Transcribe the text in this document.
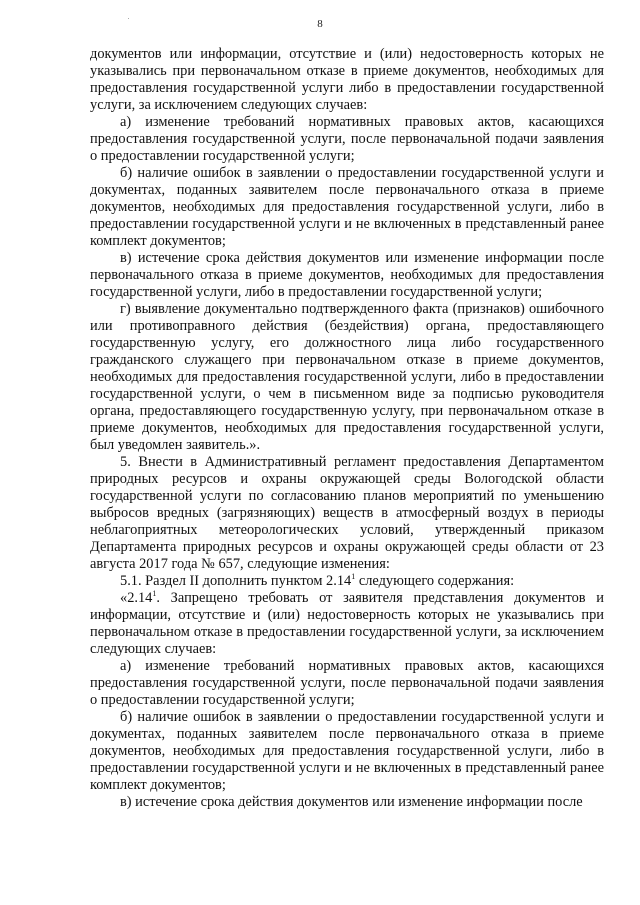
8

документов или информации, отсутствие и (или) недостоверность которых не указывались при первоначальном отказе в приеме документов, необходимых для предоставления государственной услуги либо в предоставлении государственной услуги, за исключением следующих случаев:

а) изменение требований нормативных правовых актов, касающихся предоставления государственной услуги, после первоначальной подачи заявления о предоставлении государственной услуги;

б) наличие ошибок в заявлении о предоставлении государственной услуги и документах, поданных заявителем после первоначального отказа в приеме документов, необходимых для предоставления государственной услуги, либо в предоставлении государственной услуги и не включенных в представленный ранее комплект документов;

в) истечение срока действия документов или изменение информации после первоначального отказа в приеме документов, необходимых для предоставления государственной услуги, либо в предоставлении государственной услуги;

г) выявление документально подтвержденного факта (признаков) ошибочного или противоправного действия (бездействия) органа, предоставляющего государственную услугу, его должностного лица либо государственного гражданского служащего при первоначальном отказе в приеме документов, необходимых для предоставления государственной услуги, либо в предоставлении государственной услуги, о чем в письменном виде за подписью руководителя органа, предоставляющего государственную услугу, при первоначальном отказе в приеме документов, необходимых для предоставления государственной услуги, был уведомлен заявитель.».

5. Внести в Административный регламент предоставления Департаментом природных ресурсов и охраны окружающей среды Вологодской области государственной услуги по согласованию планов мероприятий по уменьшению выбросов вредных (загрязняющих) веществ в атмосферный воздух в периоды неблагоприятных метеорологических условий, утвержденный приказом Департамента природных ресурсов и охраны окружающей среды области от 23 августа 2017 года № 657, следующие изменения:

5.1. Раздел II дополнить пунктом 2.14$^1$ следующего содержания:

«2.14$^1$. Запрещено требовать от заявителя представления документов и информации, отсутствие и (или) недостоверность которых не указывались при первоначальном отказе в предоставлении государственной услуги, за исключением следующих случаев:

а) изменение требований нормативных правовых актов, касающихся предоставления государственной услуги, после первоначальной подачи заявления о предоставлении государственной услуги;

б) наличие ошибок в заявлении о предоставлении государственной услуги и документах, поданных заявителем после первоначального отказа в приеме документов, необходимых для предоставления государственной услуги, либо в предоставлении государственной услуги и не включенных в представленный ранее комплект документов;

в) истечение срока действия документов или изменение информации после
